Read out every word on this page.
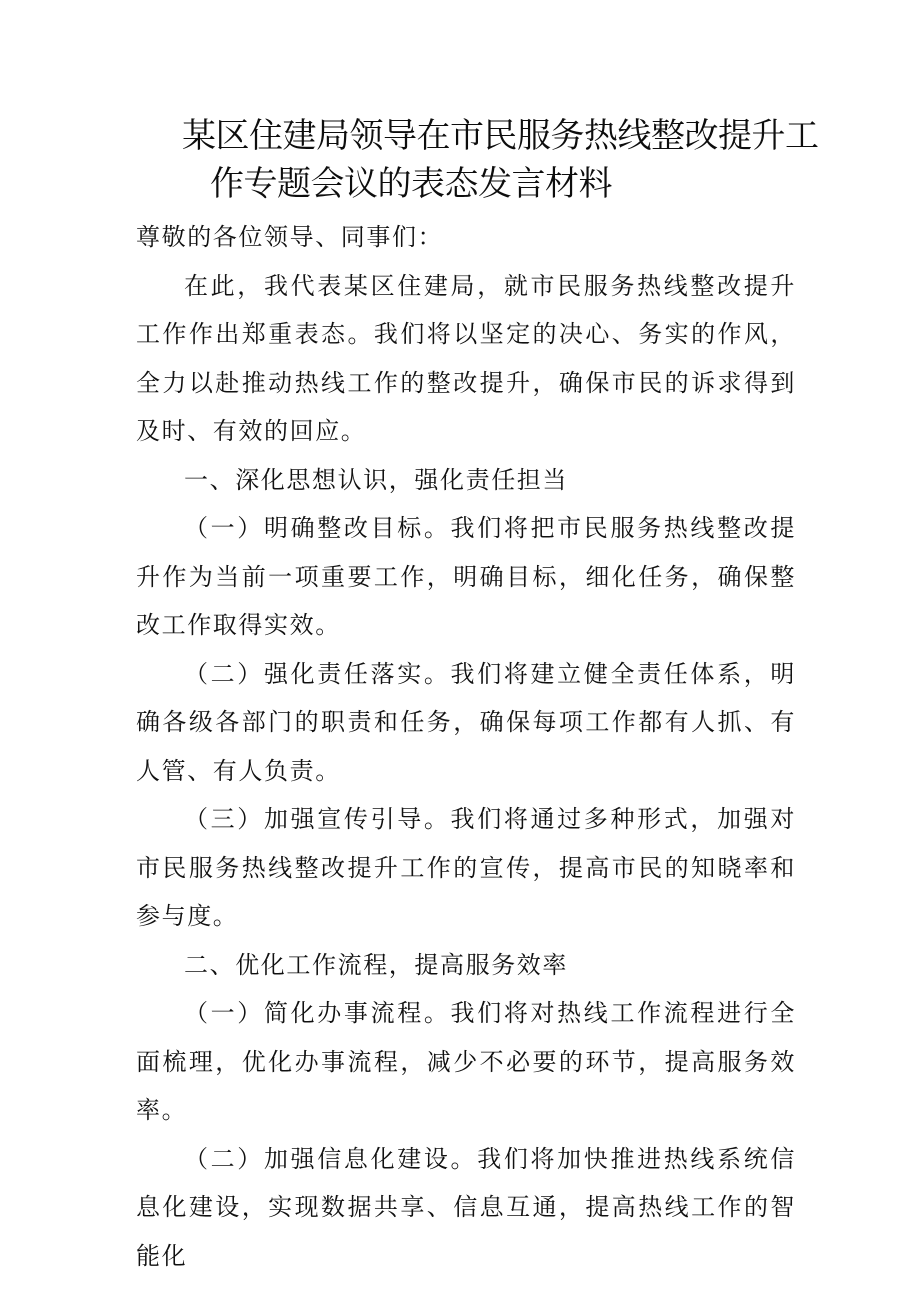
某区住建局领导在市民服务热线整改提升工
作专题会议的表态发言材料

尊敬的各位领导、同事们：

在此，我代表某区住建局，就市民服务热线整改提升工作作出郑重表态。我们将以坚定的决心、务实的作风，全力以赴推动热线工作的整改提升，确保市民的诉求得到及时、有效的回应。

一、深化思想认识，强化责任担当

（一）明确整改目标。我们将把市民服务热线整改提升作为当前一项重要工作，明确目标，细化任务，确保整改工作取得实效。

（二）强化责任落实。我们将建立健全责任体系，明确各级各部门的职责和任务，确保每项工作都有人抓、有人管、有人负责。

（三）加强宣传引导。我们将通过多种形式，加强对市民服务热线整改提升工作的宣传，提高市民的知晓率和参与度。

二、优化工作流程，提高服务效率

（一）简化办事流程。我们将对热线工作流程进行全面梳理，优化办事流程，减少不必要的环节，提高服务效率。

（二）加强信息化建设。我们将加快推进热线系统信息化建设，实现数据共享、信息互通，提高热线工作的智能化
